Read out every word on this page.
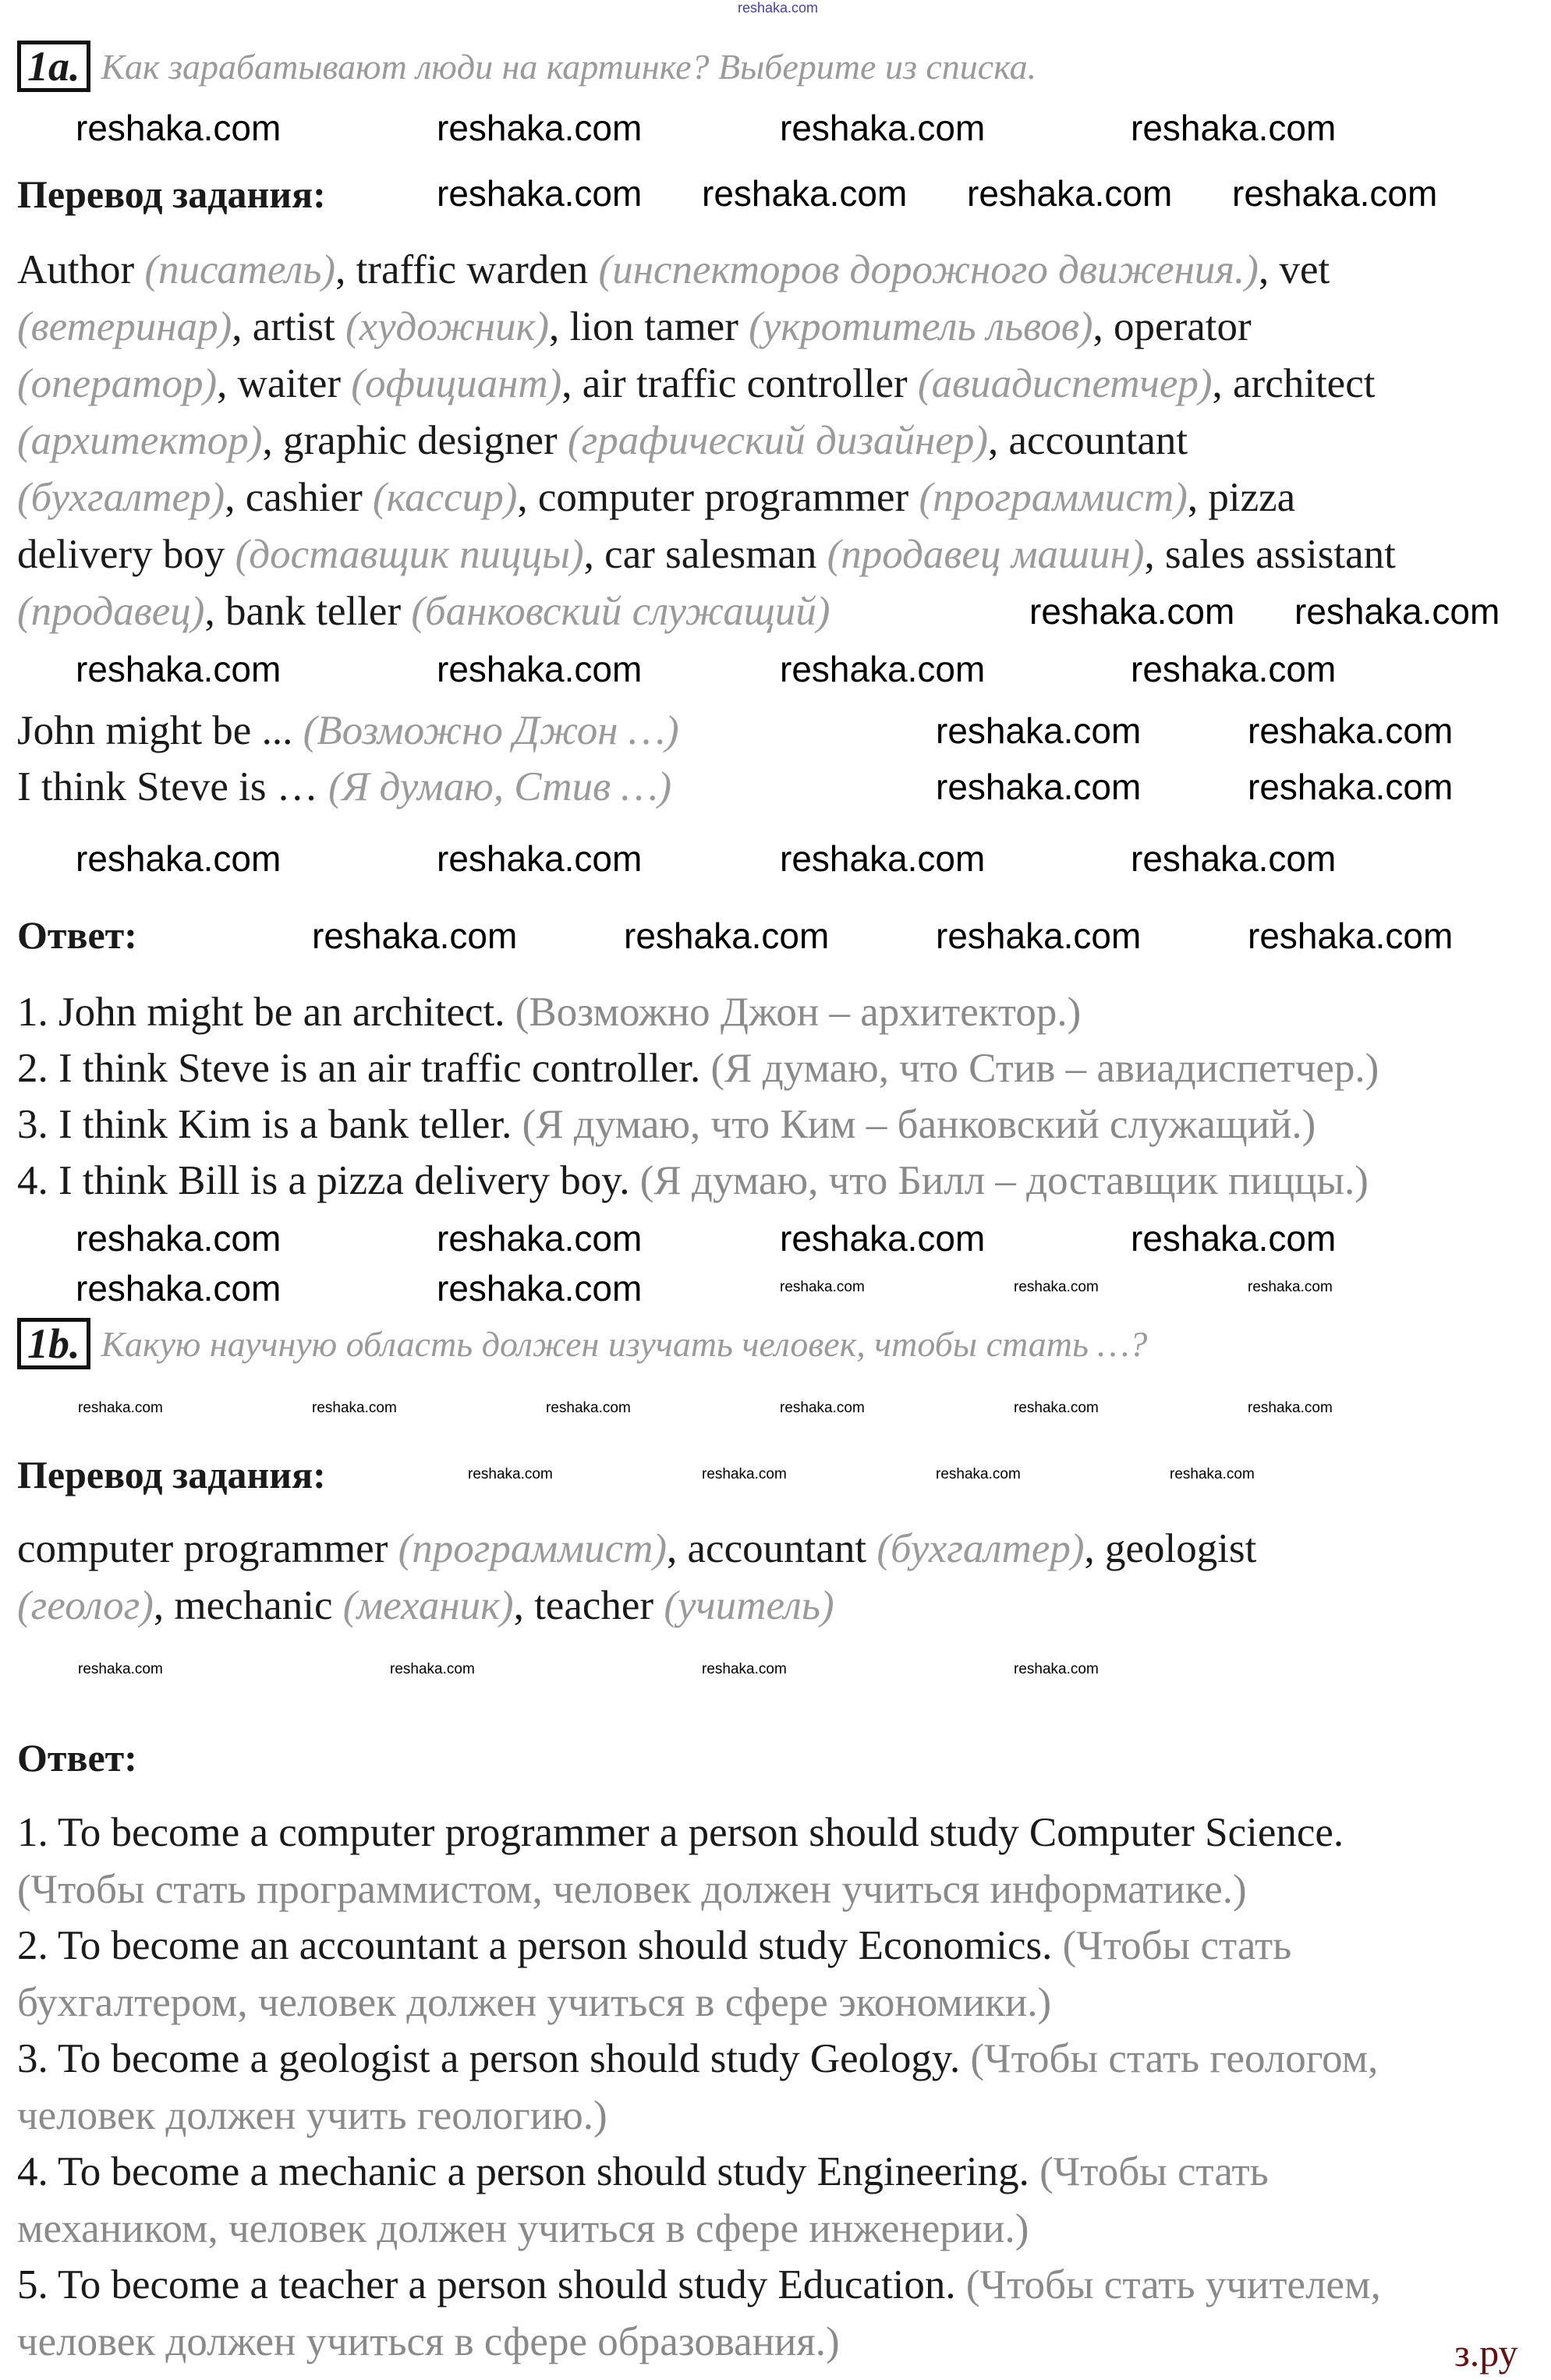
1a. Как зарабатывают люди на картинке? Выберите из списка.
Перевод задания:
Ответ:
1b. Какую научную область должен изучать человек, чтобы стать …?
Перевод задания:
Ответ:
з.ру
Author (писатель), traffic warden (инспекторов дорожного движения.), vet
(ветеринар), artist (художник), lion tamer (укротитель львов), operator
(оператор), waiter (официант), air traffic controller (авиадиспетчер), architect
(архитектор), graphic designer (графический дизайнер), accountant
(бухгалтер), cashier (кассир), computer programmer (программист), pizza
delivery boy (доставщик пиццы), car salesman (продавец машин), sales assistant
(продавец), bank teller (банковский служащий)
John might be ... (Возможно Джон …)
I think Steve is … (Я думаю, Стив …)
1. John might be an architect. (Возможно Джон – архитектор.)
2. I think Steve is an air traffic controller. (Я думаю, что Стив – авиадиспетчер.)
3. I think Kim is a bank teller. (Я думаю, что Ким – банковский служащий.)
4. I think Bill is a pizza delivery boy. (Я думаю, что Билл – доставщик пиццы.)
computer programmer (программист), accountant (бухгалтер), geologist
(геолог), mechanic (механик), teacher (учитель)
1. To become a computer programmer a person should study Computer Science.
(Чтобы стать программистом, человек должен учиться информатике.)
2. To become an accountant a person should study Economics. (Чтобы стать
бухгалтером, человек должен учиться в сфере экономики.)
3. To become a geologist a person should study Geology. (Чтобы стать геологом,
человек должен учить геологию.)
4. To become a mechanic a person should study Engineering. (Чтобы стать
механиком, человек должен учиться в сфере инженерии.)
5. To become a teacher a person should study Education. (Чтобы стать учителем,
человек должен учиться в сфере образования.)
reshaka.com	reshaka.com	reshaka.com	reshaka.com
reshaka.com reshaka.com reshaka.com reshaka.com
reshaka.com reshaka.com
reshaka.com	reshaka.com	reshaka.com	reshaka.com
reshaka.com	reshaka.com
reshaka.com	reshaka.com
reshaka.com	reshaka.com	reshaka.com	reshaka.com
reshaka.com	reshaka.com	reshaka.com	reshaka.com
reshaka.com	reshaka.com	reshaka.com	reshaka.com
reshaka.com	reshaka.com	reshaka.com	reshaka.com	reshaka.com
reshaka.com	reshaka.com	reshaka.com	reshaka.com	reshaka.com	reshaka.com
reshaka.com	reshaka.com	reshaka.com	reshaka.com
reshaka.com	reshaka.com	reshaka.com	reshaka.com
reshaka.com
